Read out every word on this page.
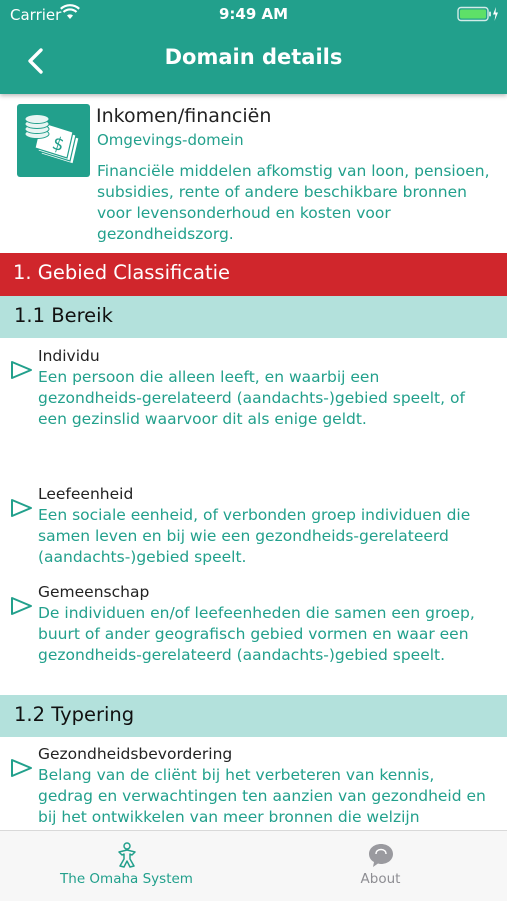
Carrier	9:49 AM
Domain details
$
Inkomen/financiën
Omgevings-domein
Financiële middelen afkomstig van loon, pensioen, subsidies, rente of andere beschikbare bronnen voor levensonderhoud en kosten voor gezondheidszorg.
1. Gebied Classificatie
1.1 Bereik
Individu
Een persoon die alleen leeft, en waarbij een gezondheids-gerelateerd (aandachts-)gebied speelt, of een gezinslid waarvoor dit als enige geldt.
Leefeenheid
Een sociale eenheid, of verbonden groep individuen die samen leven en bij wie een gezondheids-gerelateerd (aandachts-)gebied speelt.
Gemeenschap
De individuen en/of leefeenheden die samen een groep, buurt of ander geografisch gebied vormen en waar een gezondheids-gerelateerd (aandachts-)gebied speelt.
1.2 Typering
Gezondheidsbevordering
Belang van de cliënt bij het verbeteren van kennis, gedrag en verwachtingen ten aanzien van gezondheid en bij het ontwikkelen van meer bronnen die welzijn
The Omaha System	About
